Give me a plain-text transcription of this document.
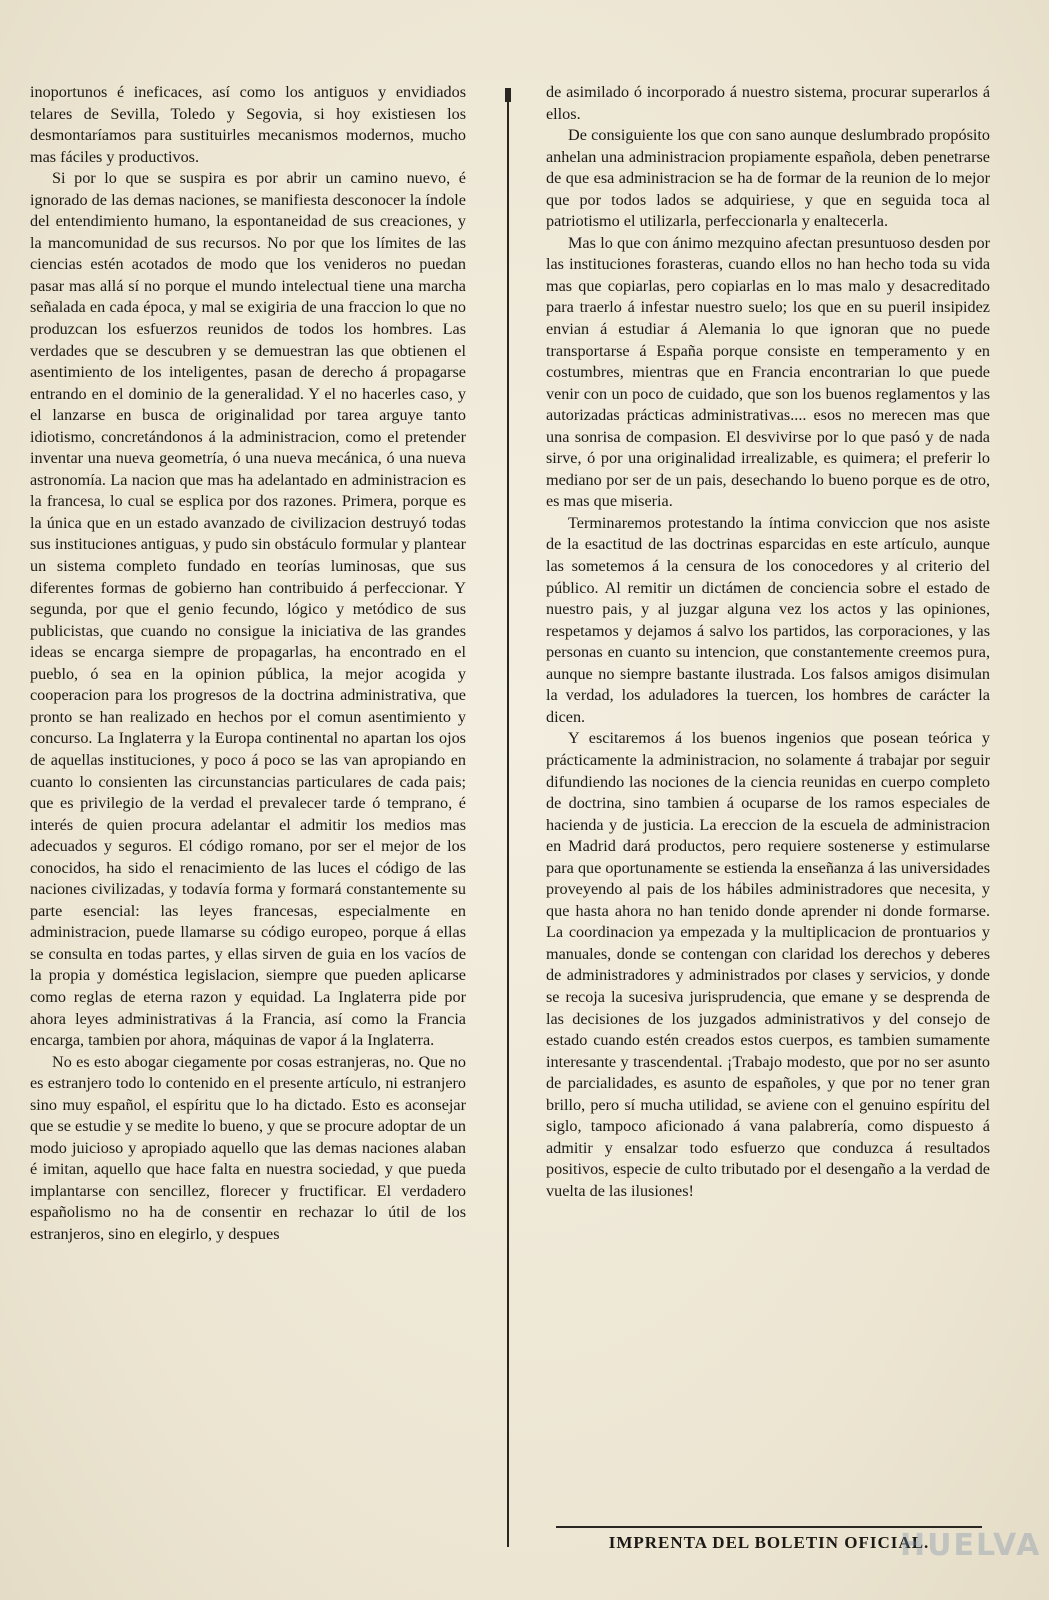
inoportunos é ineficaces, así como los antiguos y envidiados telares de Sevilla, Toledo y Segovia, si hoy existiesen los desmontaríamos para sustituirles mecanismos modernos, mucho mas fáciles y productivos.

Si por lo que se suspira es por abrir un camino nuevo, é ignorado de las demas naciones, se manifiesta desconocer la índole del entendimiento humano, la espontaneidad de sus creaciones, y la mancomunidad de sus recursos. No por que los límites de las ciencias estén acotados de modo que los venideros no puedan pasar mas allá sí no porque el mundo intelectual tiene una marcha señalada en cada época, y mal se exigiria de una fraccion lo que no produzcan los esfuerzos reunidos de todos los hombres. Las verdades que se descubren y se demuestran las que obtienen el asentimiento de los inteligentes, pasan de derecho á propagarse entrando en el dominio de la generalidad. Y el no hacerles caso, y el lanzarse en busca de originalidad por tarea arguye tanto idiotismo, concretándonos á la administracion, como el pretender inventar una nueva geometría, ó una nueva mecánica, ó una nueva astronomía. La nacion que mas ha adelantado en administracion es la francesa, lo cual se esplica por dos razones. Primera, porque es la única que en un estado avanzado de civilizacion destruyó todas sus instituciones antiguas, y pudo sin obstáculo formular y plantear un sistema completo fundado en teorías luminosas, que sus diferentes formas de gobierno han contribuido á perfeccionar. Y segunda, por que el genio fecundo, lógico y metódico de sus publicistas, que cuando no consigue la iniciativa de las grandes ideas se encarga siempre de propagarlas, ha encontrado en el pueblo, ó sea en la opinion pública, la mejor acogida y cooperacion para los progresos de la doctrina administrativa, que pronto se han realizado en hechos por el comun asentimiento y concurso. La Inglaterra y la Europa continental no apartan los ojos de aquellas instituciones, y poco á poco se las van apropiando en cuanto lo consienten las circunstancias particulares de cada pais; que es privilegio de la verdad el prevalecer tarde ó temprano, é interés de quien procura adelantar el admitir los medios mas adecuados y seguros. El código romano, por ser el mejor de los conocidos, ha sido el renacimiento de las luces el código de las naciones civilizadas, y todavía forma y formará constantemente su parte esencial: las leyes francesas, especialmente en administracion, puede llamarse su código europeo, porque á ellas se consulta en todas partes, y ellas sirven de guia en los vacíos de la propia y doméstica legislacion, siempre que pueden aplicarse como reglas de eterna razon y equidad. La Inglaterra pide por ahora leyes administrativas á la Francia, así como la Francia encarga, tambien por ahora, máquinas de vapor á la Inglaterra.

No es esto abogar ciegamente por cosas estranjeras, no. Que no es estranjero todo lo contenido en el presente artículo, ni estranjero sino muy español, el espíritu que lo ha dictado. Esto es aconsejar que se estudie y se medite lo bueno, y que se procure adoptar de un modo juicioso y apropiado aquello que las demas naciones alaban é imitan, aquello que hace falta en nuestra sociedad, y que pueda implantarse con sencillez, florecer y fructificar. El verdadero españolismo no ha de consentir en rechazar lo útil de los estranjeros, sino en elegirlo, y despues

de asimilado ó incorporado á nuestro sistema, procurar superarlos á ellos.

De consiguiente los que con sano aunque deslumbrado propósito anhelan una administracion propiamente española, deben penetrarse de que esa administracion se ha de formar de la reunion de lo mejor que por todos lados se adquiriese, y que en seguida toca al patriotismo el utilizarla, perfeccionarla y enaltecerla.

Mas lo que con ánimo mezquino afectan presuntuoso desden por las instituciones forasteras, cuando ellos no han hecho toda su vida mas que copiarlas, pero copiarlas en lo mas malo y desacreditado para traerlo á infestar nuestro suelo; los que en su pueril insipidez envian á estudiar á Alemania lo que ignoran que no puede transportarse á España porque consiste en temperamento y en costumbres, mientras que en Francia encontrarian lo que puede venir con un poco de cuidado, que son los buenos reglamentos y las autorizadas prácticas administrativas.... esos no merecen mas que una sonrisa de compasion. El desvivirse por lo que pasó y de nada sirve, ó por una originalidad irrealizable, es quimera; el preferir lo mediano por ser de un pais, desechando lo bueno porque es de otro, es mas que miseria.

Terminaremos protestando la íntima conviccion que nos asiste de la esactitud de las doctrinas esparcidas en este artículo, aunque las sometemos á la censura de los conocedores y al criterio del público. Al remitir un dictámen de conciencia sobre el estado de nuestro pais, y al juzgar alguna vez los actos y las opiniones, respetamos y dejamos á salvo los partidos, las corporaciones, y las personas en cuanto su intencion, que constantemente creemos pura, aunque no siempre bastante ilustrada. Los falsos amigos disimulan la verdad, los aduladores la tuercen, los hombres de carácter la dicen.

Y escitaremos á los buenos ingenios que posean teórica y prácticamente la administracion, no solamente á trabajar por seguir difundiendo las nociones de la ciencia reunidas en cuerpo completo de doctrina, sino tambien á ocuparse de los ramos especiales de hacienda y de justicia. La ereccion de la escuela de administracion en Madrid dará productos, pero requiere sostenerse y estimularse para que oportunamente se estienda la enseñanza á las universidades proveyendo al pais de los hábiles administradores que necesita, y que hasta ahora no han tenido donde aprender ni donde formarse. La coordinacion ya empezada y la multiplicacion de prontuarios y manuales, donde se contengan con claridad los derechos y deberes de administradores y administrados por clases y servicios, y donde se recoja la sucesiva jurisprudencia, que emane y se desprenda de las decisiones de los juzgados administrativos y del consejo de estado cuando estén creados estos cuerpos, es tambien sumamente interesante y trascendental. ¡Trabajo modesto, que por no ser asunto de parcialidades, es asunto de españoles, y que por no tener gran brillo, pero sí mucha utilidad, se aviene con el genuino espíritu del siglo, tampoco aficionado á vana palabrería, como dispuesto á admitir y ensalzar todo esfuerzo que conduzca á resultados positivos, especie de culto tributado por el desengaño a la verdad de vuelta de las ilusiones!

IMPRENTA DEL BOLETIN OFICIAL.
HUELVA
